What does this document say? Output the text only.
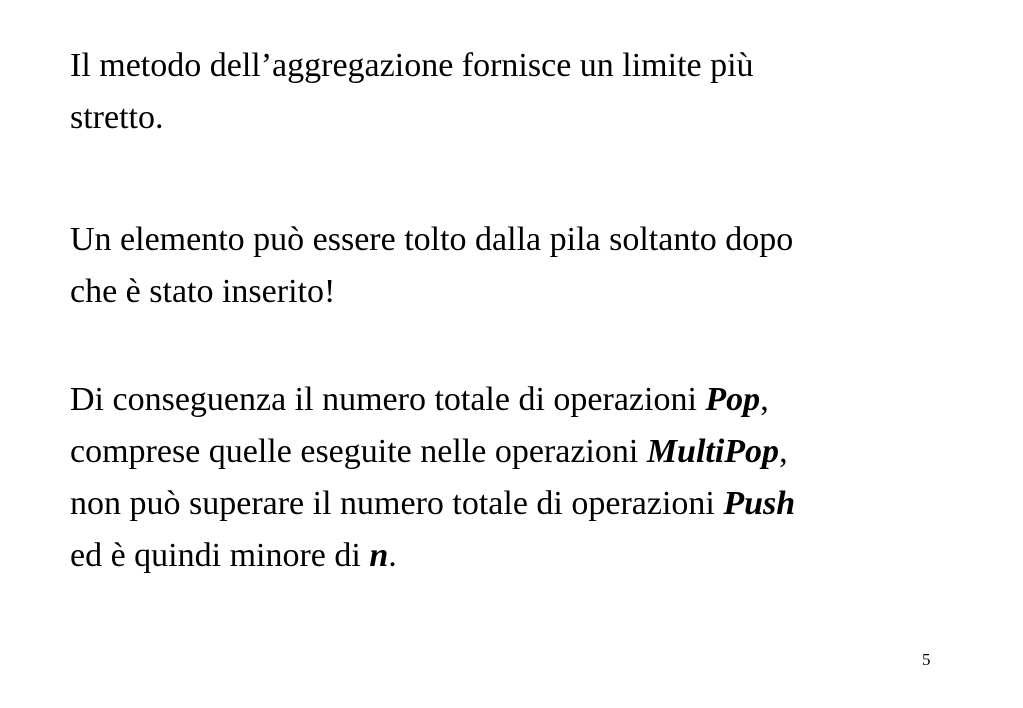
Il metodo dell’aggregazione fornisce un limite più
stretto.

Un elemento può essere tolto dalla pila soltanto dopo
che è stato inserito!

Di conseguenza il numero totale di operazioni Pop,
comprese quelle eseguite nelle operazioni MultiPop,
non può superare il numero totale di operazioni Push
ed è quindi minore di n.

5
